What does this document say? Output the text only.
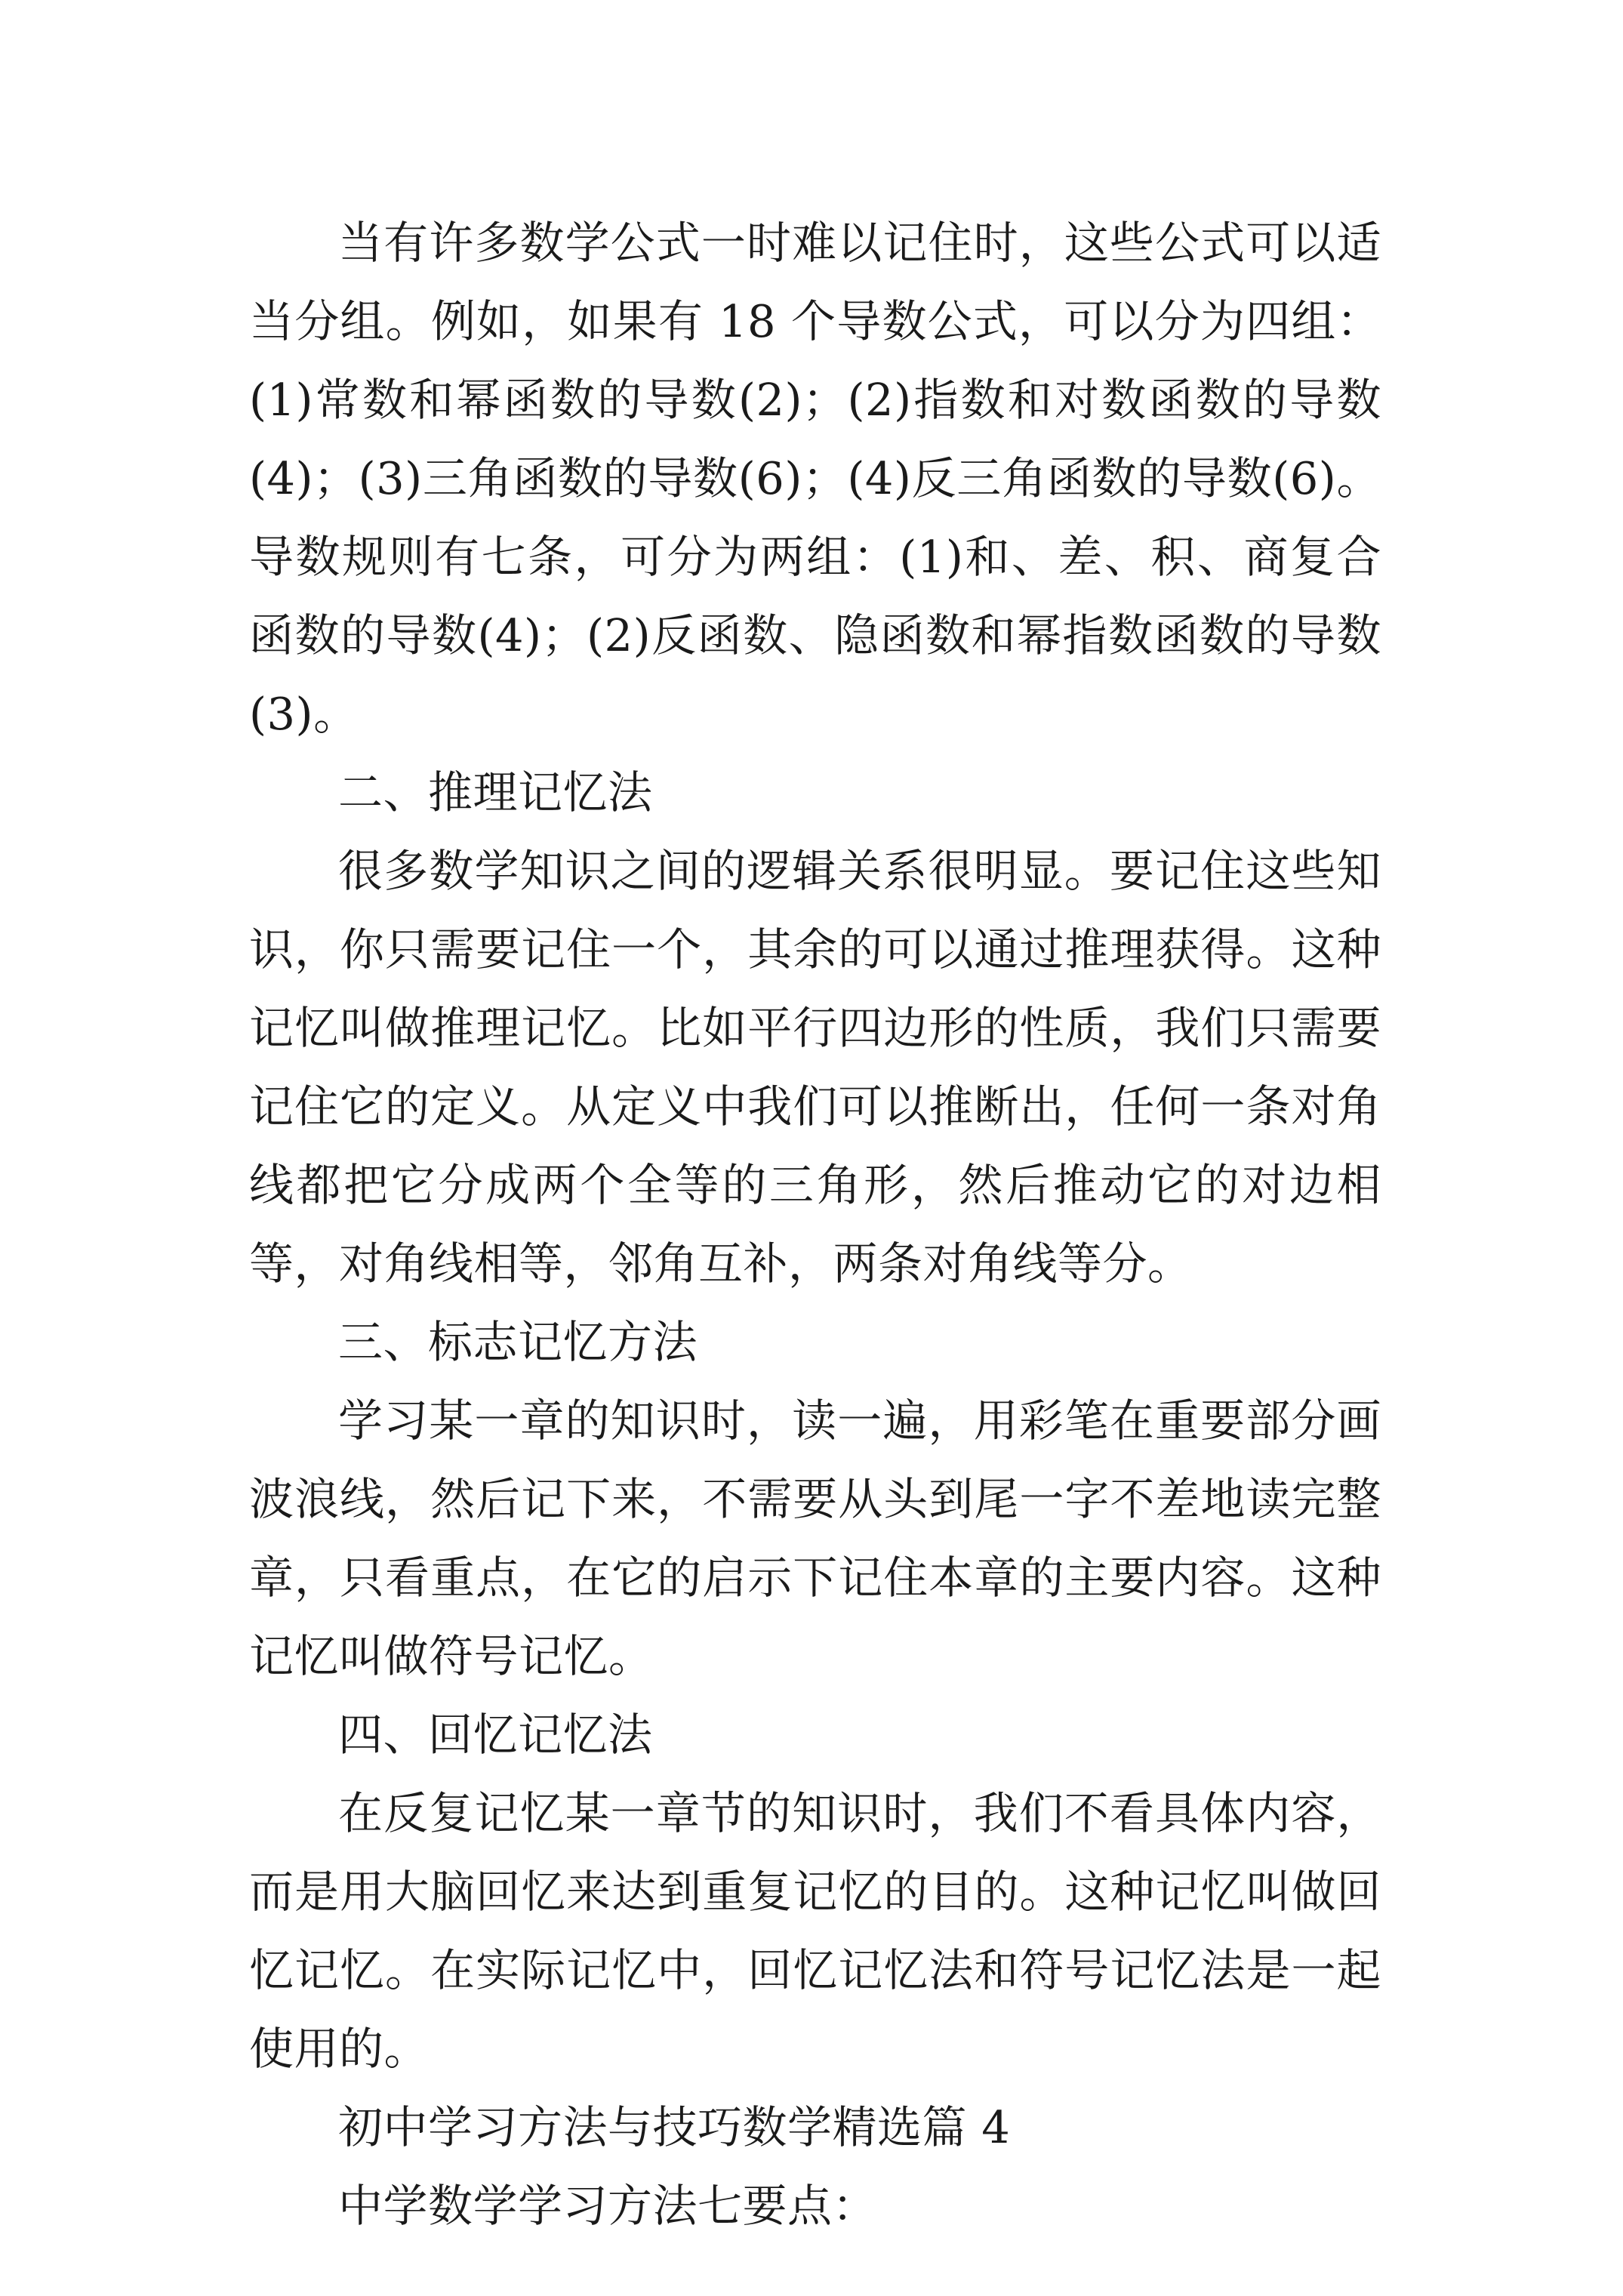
当有许多数学公式一时难以记住时，这些公式可以适当分组。例如，如果有 18 个导数公式，可以分为四组：(1)常数和幂函数的导数(2)；(2)指数和对数函数的导数(4)；(3)三角函数的导数(6)；(4)反三角函数的导数(6)。导数规则有七条，可分为两组：(1)和、差、积、商复合函数的导数(4)；(2)反函数、隐函数和幂指数函数的导数(3)。

二、推理记忆法

很多数学知识之间的逻辑关系很明显。要记住这些知识，你只需要记住一个，其余的可以通过推理获得。这种记忆叫做推理记忆。比如平行四边形的性质，我们只需要记住它的定义。从定义中我们可以推断出，任何一条对角线都把它分成两个全等的三角形，然后推动它的对边相等，对角线相等，邻角互补，两条对角线等分。

三、标志记忆方法

学习某一章的知识时，读一遍，用彩笔在重要部分画波浪线，然后记下来，不需要从头到尾一字不差地读完整章，只看重点，在它的启示下记住本章的主要内容。这种记忆叫做符号记忆。

四、回忆记忆法

在反复记忆某一章节的知识时，我们不看具体内容，而是用大脑回忆来达到重复记忆的目的。这种记忆叫做回忆记忆。在实际记忆中，回忆记忆法和符号记忆法是一起使用的。

初中学习方法与技巧数学精选篇 4

中学数学学习方法七要点：
